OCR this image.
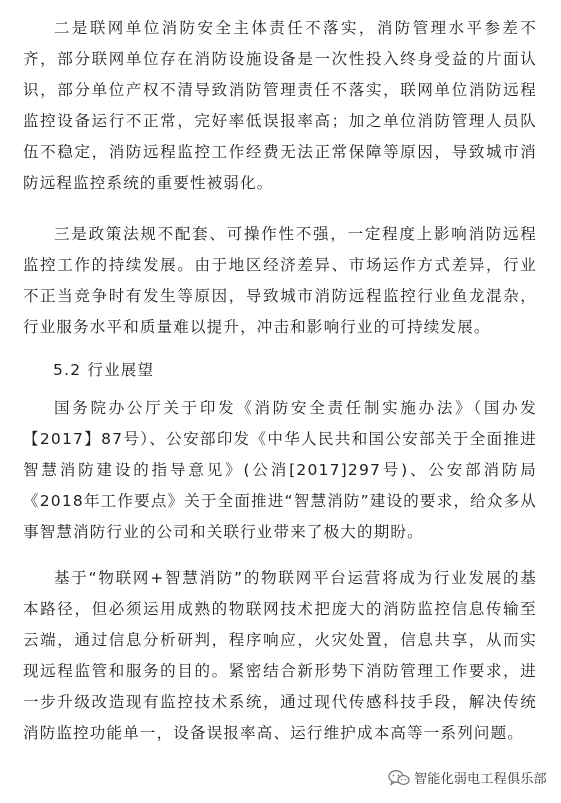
二是联网单位消防安全主体责任不落实，消防管理水平参差不齐，部分联网单位存在消防设施设备是一次性投入终身受益的片面认识，部分单位产权不清导致消防管理责任不落实，联网单位消防远程监控设备运行不正常，完好率低误报率高；加之单位消防管理人员队伍不稳定，消防远程监控工作经费无法正常保障等原因，导致城市消防远程监控系统的重要性被弱化。

三是政策法规不配套、可操作性不强，一定程度上影响消防远程监控工作的持续发展。由于地区经济差异、市场运作方式差异，行业不正当竞争时有发生等原因，导致城市消防远程监控行业鱼龙混杂，行业服务水平和质量难以提升，冲击和影响行业的可持续发展。

5.2 行业展望

国务院办公厅关于印发《消防安全责任制实施办法》（国办发【2017】87号）、公安部印发《中华人民共和国公安部关于全面推进智慧消防建设的指导意见》(公消[2017]297号)、公安部消防局《2018年工作要点》关于全面推进“智慧消防”建设的要求，给众多从事智慧消防行业的公司和关联行业带来了极大的期盼。

基于“物联网+智慧消防”的物联网平台运营将成为行业发展的基本路径，但必须运用成熟的物联网技术把庞大的消防监控信息传输至云端，通过信息分析研判，程序响应，火灾处置，信息共享，从而实现远程监管和服务的目的。紧密结合新形势下消防管理工作要求，进一步升级改造现有监控技术系统，通过现代传感科技手段，解决传统消防监控功能单一，设备误报率高、运行维护成本高等一系列问题。

智能化弱电工程俱乐部
